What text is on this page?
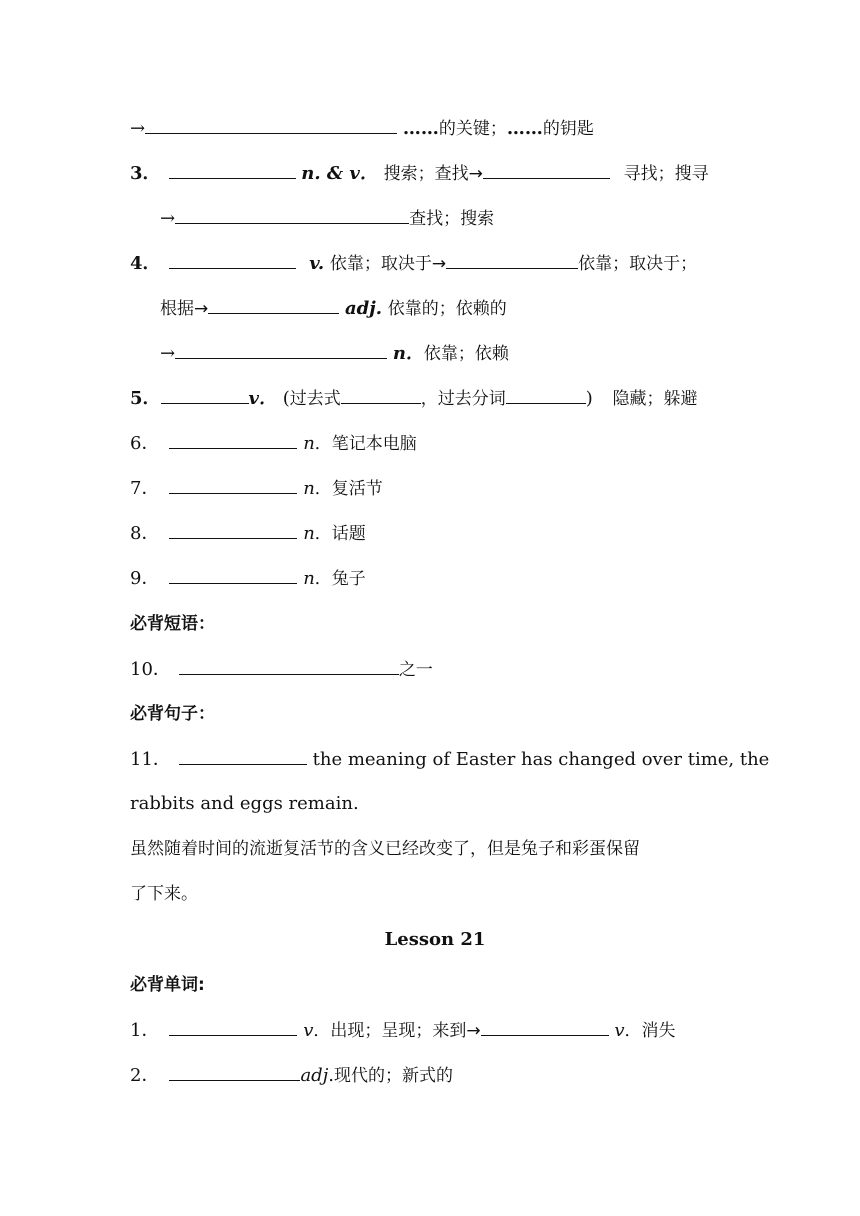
→	……的关键；……的钥匙
3．	n. & v． 搜索；查找→	寻找；搜寻
→	查找；搜索
4．	v. 依靠；取决于→	依靠；取决于；
根据→	adj. 依靠的；依赖的
→	n．依靠；依赖
5．	v． (过去式	，过去分词	) 隐藏；躲避
6．	n．笔记本电脑
7．	n．复活节
8．	n．话题
9．	n．兔子
必背短语：
10．	之一
必背句子：
11．	the meaning of Easter has changed over time, the
rabbits and eggs remain.
虽然随着时间的流逝复活节的含义已经改变了，但是兔子和彩蛋保留
了下来。
Lesson 21
必背单词:
1．	v．出现；呈现；来到→	v．消失
2．	adj.现代的；新式的
